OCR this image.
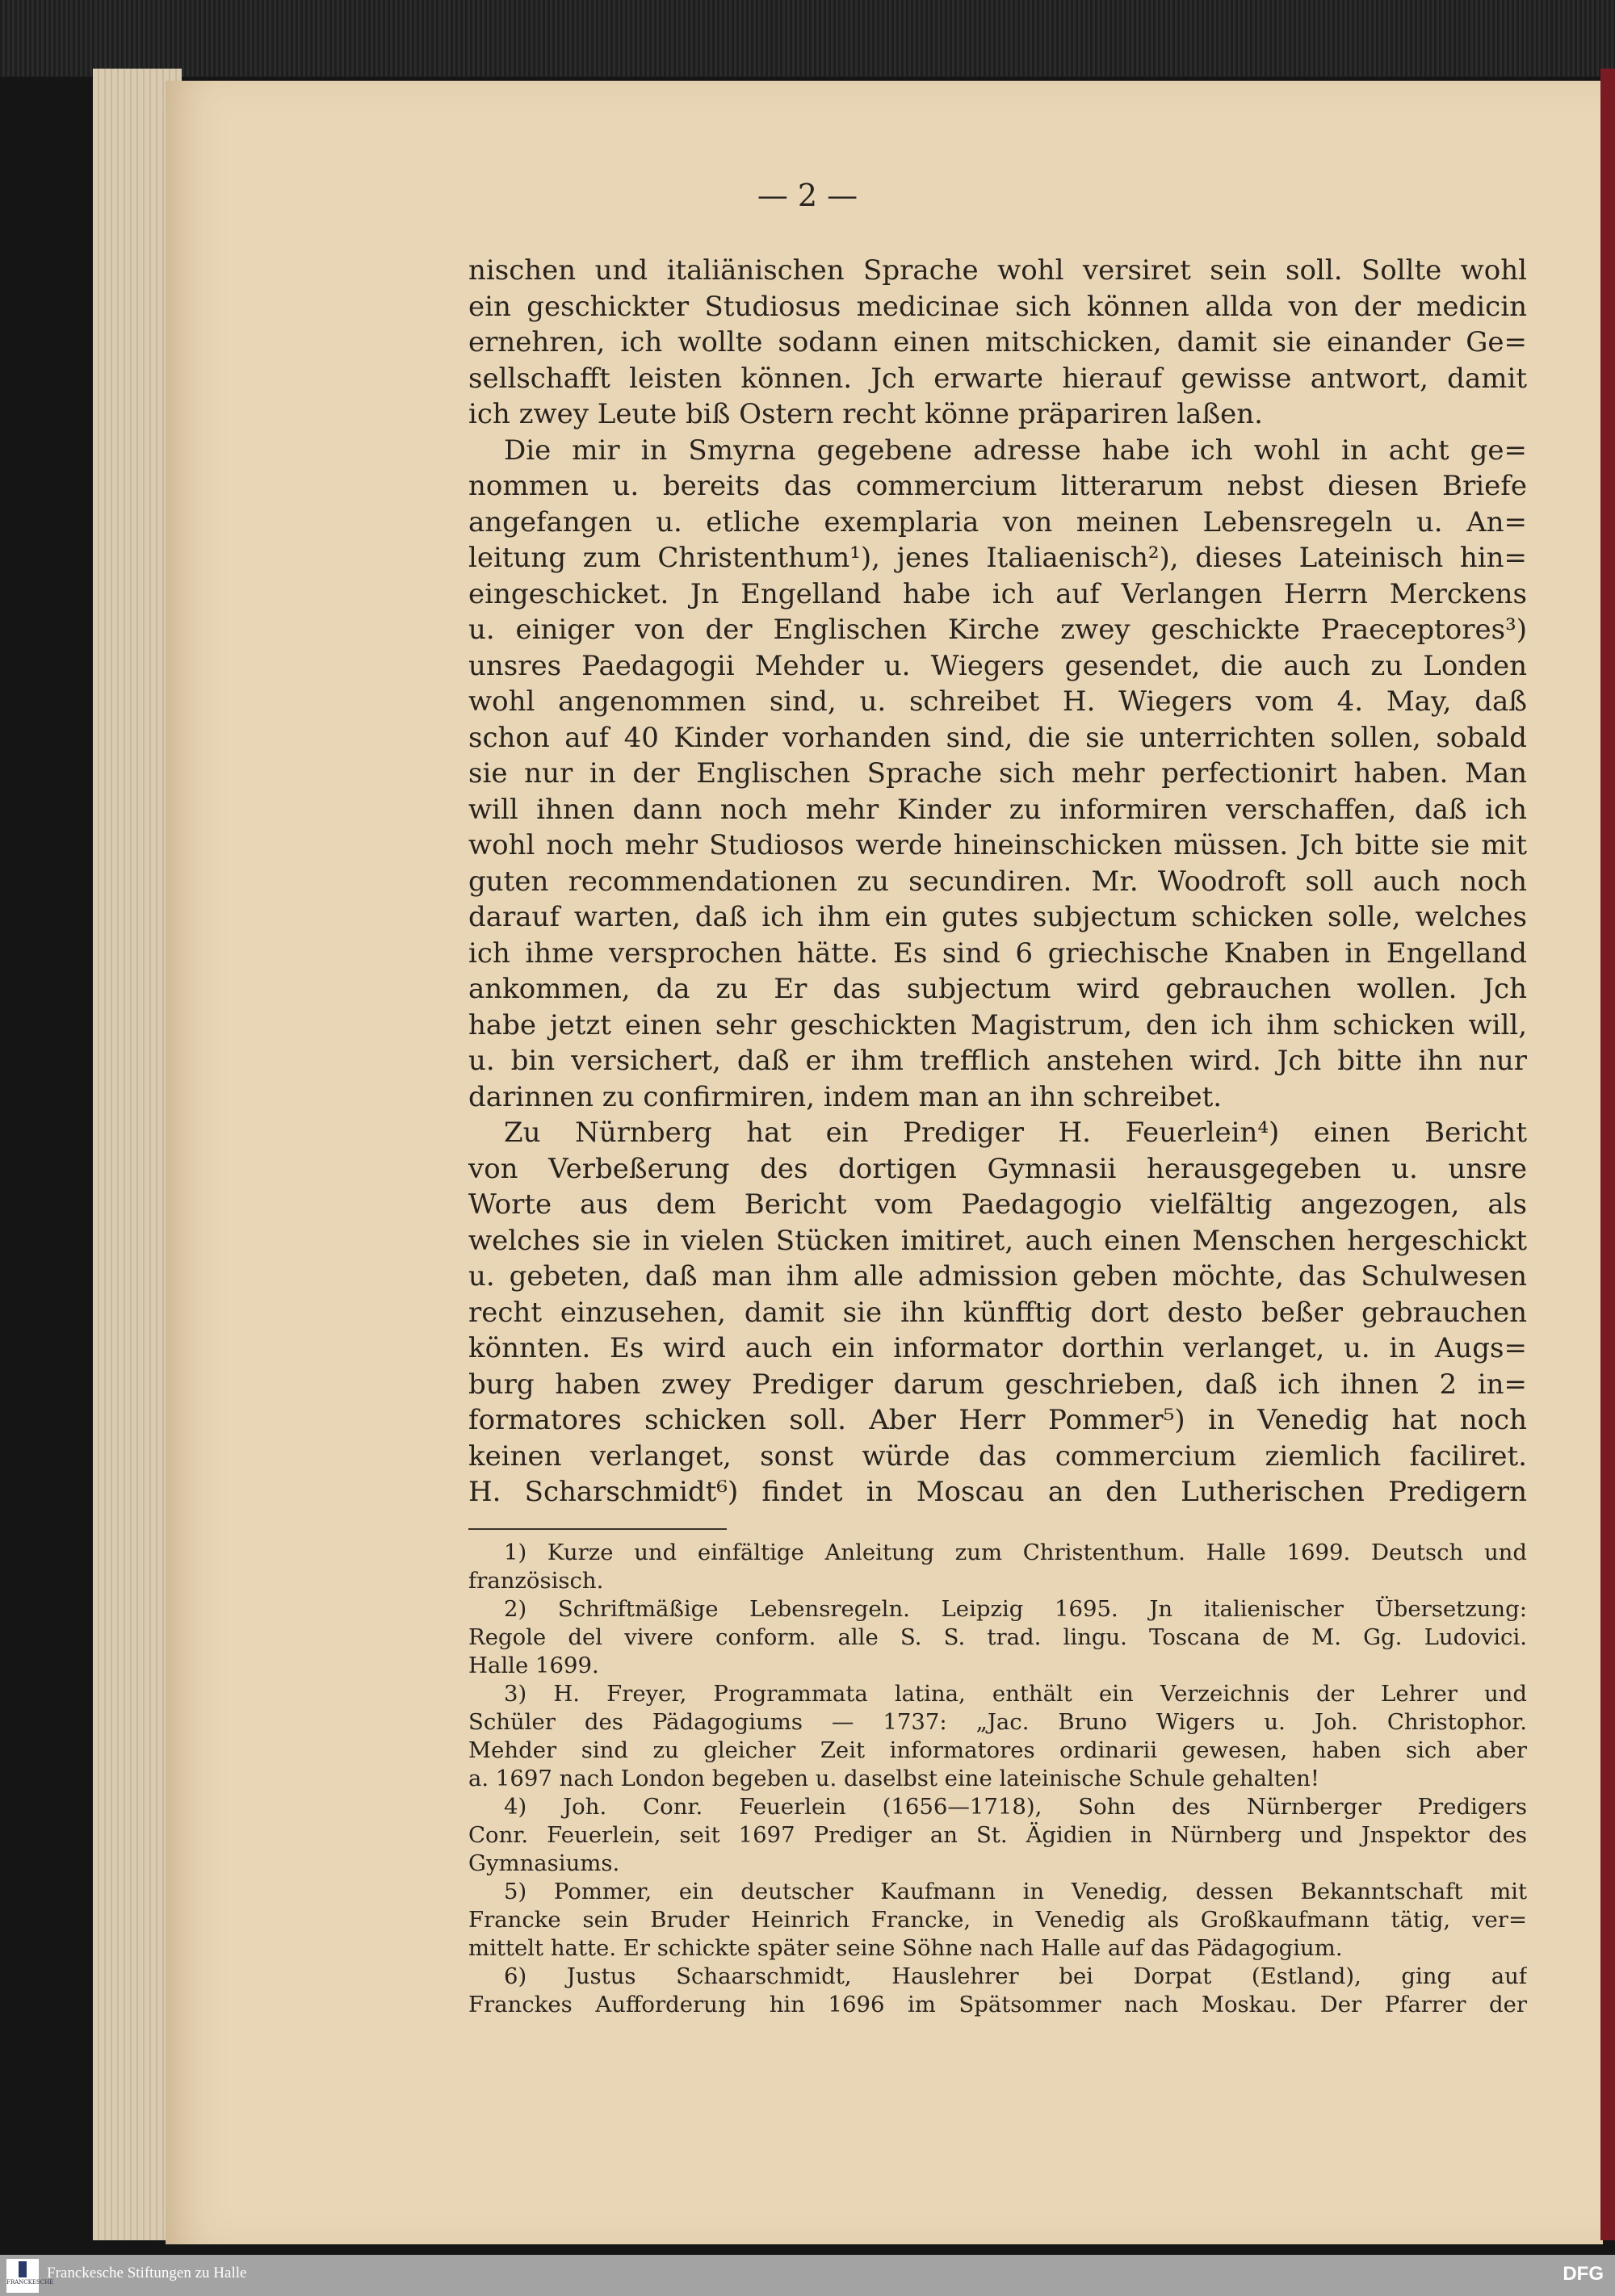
— 2 —
nischen und italiänischen Sprache wohl versiret sein soll. Sollte wohl
ein geschickter Studiosus medicinae sich können allda von der medicin
ernehren, ich wollte sodann einen mitschicken, damit sie einander Ge=
sellschafft leisten können. Jch erwarte hierauf gewisse antwort, damit
ich zwey Leute biß Ostern recht könne präpariren laßen.
Die mir in Smyrna gegebene adresse habe ich wohl in acht ge=
nommen u. bereits das commercium litterarum nebst diesen Briefe
angefangen u. etliche exemplaria von meinen Lebensregeln u. An=
leitung zum Christenthum¹), jenes Italiaenisch²), dieses Lateinisch hin=
eingeschicket. Jn Engelland habe ich auf Verlangen Herrn Merckens
u. einiger von der Englischen Kirche zwey geschickte Praeceptores³)
unsres Paedagogii Mehder u. Wiegers gesendet, die auch zu Londen
wohl angenommen sind, u. schreibet H. Wiegers vom 4. May, daß
schon auf 40 Kinder vorhanden sind, die sie unterrichten sollen, sobald
sie nur in der Englischen Sprache sich mehr perfectionirt haben. Man
will ihnen dann noch mehr Kinder zu informiren verschaffen, daß ich
wohl noch mehr Studiosos werde hineinschicken müssen. Jch bitte sie mit
guten recommendationen zu secundiren. Mr. Woodroft soll auch noch
darauf warten, daß ich ihm ein gutes subjectum schicken solle, welches
ich ihme versprochen hätte. Es sind 6 griechische Knaben in Engelland
ankommen, da zu Er das subjectum wird gebrauchen wollen. Jch
habe jetzt einen sehr geschickten Magistrum, den ich ihm schicken will,
u. bin versichert, daß er ihm trefflich anstehen wird. Jch bitte ihn nur
darinnen zu confirmiren, indem man an ihn schreibet.
Zu Nürnberg hat ein Prediger H. Feuerlein⁴) einen Bericht
von Verbeßerung des dortigen Gymnasii herausgegeben u. unsre
Worte aus dem Bericht vom Paedagogio vielfältig angezogen, als
welches sie in vielen Stücken imitiret, auch einen Menschen hergeschickt
u. gebeten, daß man ihm alle admission geben möchte, das Schulwesen
recht einzusehen, damit sie ihn künfftig dort desto beßer gebrauchen
könnten. Es wird auch ein informator dorthin verlanget, u. in Augs=
burg haben zwey Prediger darum geschrieben, daß ich ihnen 2 in=
formatores schicken soll. Aber Herr Pommer⁵) in Venedig hat noch
keinen verlanget, sonst würde das commercium ziemlich faciliret.
H. Scharschmidt⁶) findet in Moscau an den Lutherischen Predigern
1) Kurze und einfältige Anleitung zum Christenthum. Halle 1699. Deutsch und
französisch.
2) Schriftmäßige Lebensregeln. Leipzig 1695. Jn italienischer Übersetzung:
Regole del vivere conform. alle S. S. trad. lingu. Toscana de M. Gg. Ludovici.
Halle 1699.
3) H. Freyer, Programmata latina, enthält ein Verzeichnis der Lehrer und
Schüler des Pädagogiums — 1737: „Jac. Bruno Wigers u. Joh. Christophor.
Mehder sind zu gleicher Zeit informatores ordinarii gewesen, haben sich aber
a. 1697 nach London begeben u. daselbst eine lateinische Schule gehalten!
4) Joh. Conr. Feuerlein (1656—1718), Sohn des Nürnberger Predigers
Conr. Feuerlein, seit 1697 Prediger an St. Ägidien in Nürnberg und Jnspektor des
Gymnasiums.
5) Pommer, ein deutscher Kaufmann in Venedig, dessen Bekanntschaft mit
Francke sein Bruder Heinrich Francke, in Venedig als Großkaufmann tätig, ver=
mittelt hatte. Er schickte später seine Söhne nach Halle auf das Pädagogium.
6) Justus Schaarschmidt, Hauslehrer bei Dorpat (Estland), ging auf
Franckes Aufforderung hin 1696 im Spätsommer nach Moskau. Der Pfarrer der
FRANCKESCHE
Franckesche Stiftungen zu Halle	DFG
